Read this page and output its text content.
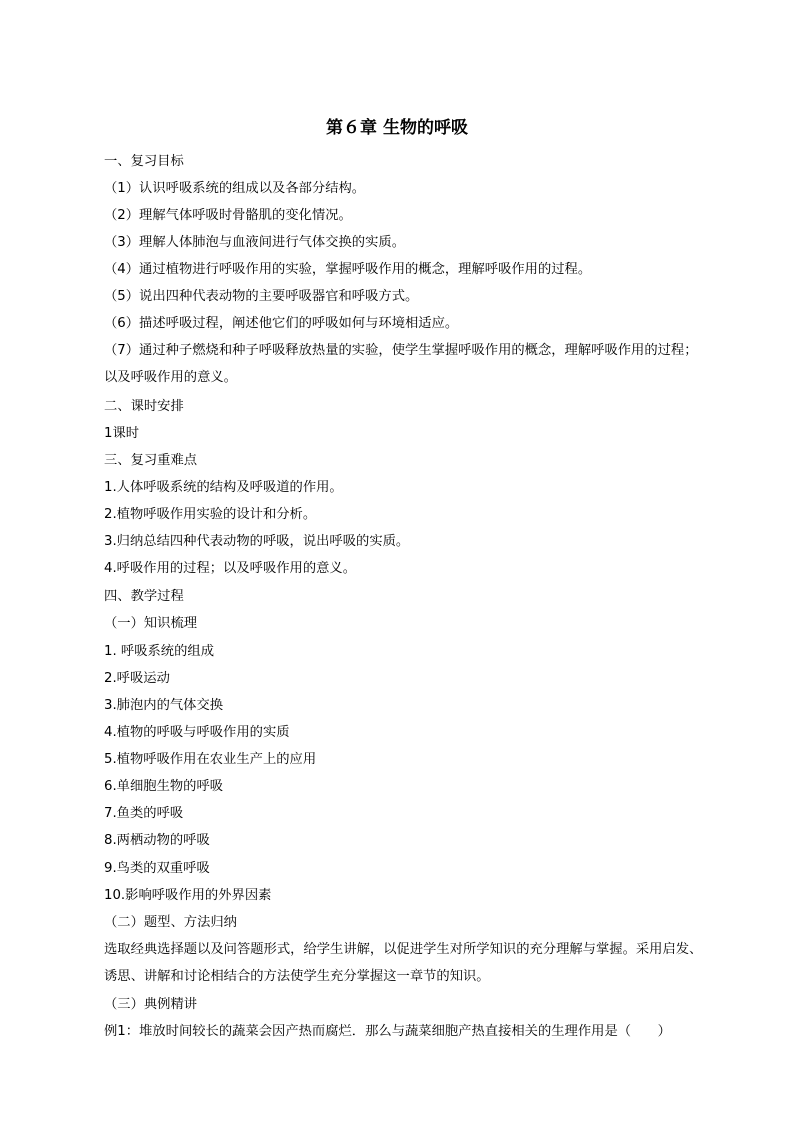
第６章 生物的呼吸
一、复习目标
（1）认识呼吸系统的组成以及各部分结构。
（2）理解气体呼吸时骨骼肌的变化情况。
（3）理解人体肺泡与血液间进行气体交换的实质。
（4）通过植物进行呼吸作用的实验，掌握呼吸作用的概念，理解呼吸作用的过程。
（5）说出四种代表动物的主要呼吸器官和呼吸方式。
（6）描述呼吸过程，阐述他它们的呼吸如何与环境相适应。
（7）通过种子燃烧和种子呼吸释放热量的实验，使学生掌握呼吸作用的概念，理解呼吸作用的过程；
以及呼吸作用的意义。
二、课时安排
1课时
三、复习重难点
1.人体呼吸系统的结构及呼吸道的作用。
2.植物呼吸作用实验的设计和分析。
3.归纳总结四种代表动物的呼吸，说出呼吸的实质。
4.呼吸作用的过程；以及呼吸作用的意义。
四、教学过程
（一）知识梳理
1. 呼吸系统的组成
2.呼吸运动
3.肺泡内的气体交换
4.植物的呼吸与呼吸作用的实质
5.植物呼吸作用在农业生产上的应用
6.单细胞生物的呼吸
7.鱼类的呼吸
8.两栖动物的呼吸
9.鸟类的双重呼吸
10.影响呼吸作用的外界因素
（二）题型、方法归纳
选取经典选择题以及问答题形式，给学生讲解，以促进学生对所学知识的充分理解与掌握。采用启发、
诱思、讲解和讨论相结合的方法使学生充分掌握这一章节的知识。
（三）典例精讲
例1：堆放时间较长的蔬菜会因产热而腐烂．那么与蔬菜细胞产热直接相关的生理作用是（　　）
